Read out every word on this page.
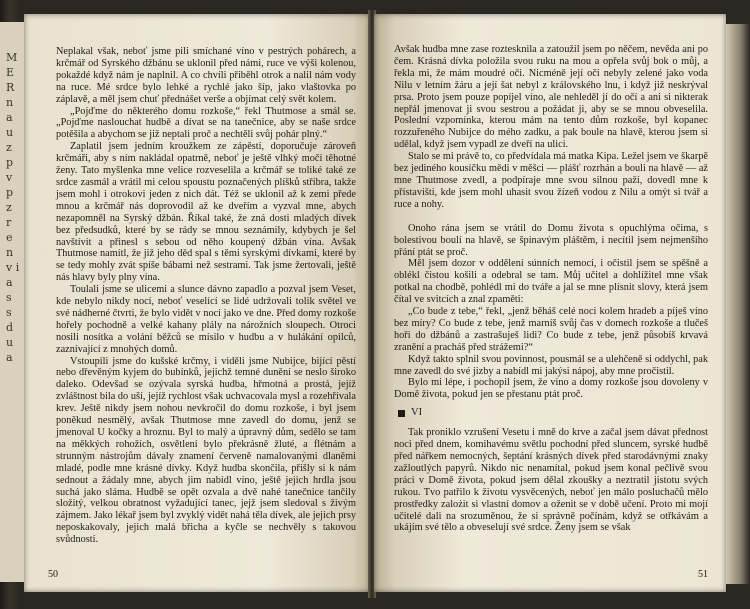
ME R n a u z p v p z r e n v i a s s d u a

Neplakal však, neboť jsme pili smíchané víno v pestrých pohárech, a krčmář od Syrského džbánu se uklonil před námi, ruce ve výši kolenou, pokaždé když nám je naplnil. A co chvíli přiběhl otrok a nalil nám vody na ruce. Mé srdce bylo lehké a rychlé jako šíp, jako vlaštovka po záplavě, a měl jsem chuť přednášet verše a objímat celý svět kolem.

„Pojďme do některého domu rozkoše,“ řekl Thutmose a smál se. „Pojďme naslouchat hudbě a dívat se na tanečnice, aby se naše srdce potěšila a abychom se již neptali proč a nechtěli svůj pohár plný.“

Zaplatil jsem jedním kroužkem ze zápěstí, doporučuje zároveň krčmáři, aby s ním nakládal opatrně, neboť je ještě vlhký močí těhotné ženy. Tato myšlenka mne velice rozveselila a krčmář se toliké také ze srdce zasmál a vrátil mi celou spoustu poznačených plíšků stříbra, takže jsem mohl i otrokovi jeden z nich dát. Též se uklonil až k zemi přede mnou a krčmář nás doprovodil až ke dveřím a vyzval mne, abych nezapomněl na Syrský džbán. Říkal také, že zná dosti mladých dívek bez předsudků, které by se rády se mnou seznámily, kdybych je šel navštívit a přinesl s sebou od něho koupený džbán vína. Avšak Thutmose namítl, že již jeho děd spal s těmi syrskými dívkami, které by se tedy mohly zvát spíše bábami než sestrami. Tak jsme žertovali, ještě nás hlavy byly plny vína.

Toulali jsme se ulicemi a slunce dávno zapadlo a pozval jsem Veset, kde nebylo nikdy nocí, neboť veselící se lidé udržovali tolik světel ve své nádherné čtvrti, že bylo vidět v noci jako ve dne. Před domy rozkoše hořely pochodně a velké kahany plály na nárožních sloupech. Otroci nosili nosítka a volání běžců se mísilo v hudbu a v hulákání opilců, zaznívající z mnohých domů.

Vstoupili jsme do kušské krčmy, i viděli jsme Nubijce, bijící pěstí nebo dřevěným kyjem do bubínků, jejichž temné dunění se neslo široko daleko. Odevšad se ozývala syrská hudba, hřmotná a prostá, jejíž zvláštnost bila do uší, jejíž rychlost však uchvacovala mysl a rozehřívala krev. Ještě nikdy jsem nohou nevkročil do domu rozkoše, i byl jsem poněkud nesmělý, avšak Thutmose mne zavedl do domu, jenž se jmenoval U kočky a hroznu. Byl to malý a úpravný dům, sedělo se tam na měkkých rohožích, osvětlení bylo překrásně žluté, a flétnám a strunným nástrojům dávaly znamení červeně namalovanými dlaněmi mladé, podle mne krásné dívky. Když hudba skončila, přišly si k nám sednout a žádaly mne, abych jim nabídl víno, ještě jejich hrdla jsou suchá jako sláma. Hudbě se opět ozvala a dvě nahé tanečnice tančily složitý, velkou obratnost vyžadující tanec, jejž jsem sledoval s živým zájmem. Jako lékař jsem byl zvyklý vidět nahá těla dívek, ale jejich prsy neposkakovaly, jejich malá břicha a kyčle se nechvěly s takovou svůdností.

50

Avšak hudba mne zase roztesknila a zatoužil jsem po něčem, nevěda ani po čem. Krásná dívka položila svou ruku na mou a opřela svůj bok o můj, a řekla mi, že mám moudré oči. Nicméně její oči nebyly zelené jako voda Nilu v letním žáru a její šat nebyl z královského lnu, i když již neskrýval prsa. Proto jsem pouze popíjel víno, ale nehleděl jí do očí a ani si nikterak nepřál jmenovat ji svou sestrou a požádat ji, aby se se mnou obveselila. Poslední vzpomínka, kterou mám na tento dům rozkoše, byl kopanec rozzuřeného Nubijce do mého zadku, a pak boule na hlavě, kterou jsem si udělal, když jsem vypadl ze dveří na ulici.

Stalo se mi právě to, co předvídala má matka Kipa. Ležel jsem ve škarpě bez jediného kousíčku mědi v měšci — plášť rozrhán a bouli na hlavě — až mne Thutmose zvedl, a podpíraje mne svou silnou paží, dovedl mne k přístavišti, kde jsem mohl uhasit svou žízeň vodou z Nilu a omýt si tvář a ruce a nohy.

Onoho rána jsem se vrátil do Domu života s opuchlýma očima, s bolestivou boulí na hlavě, se špinavým pláštěm, i necítil jsem nejmenšího přání ptát se proč.

Měl jsem dozor v oddělení súnních nemocí, i očistil jsem se spěšně a oblékl čistou košili a odebral se tam. Můj učitel a dohlížitel mne však potkal na chodbě, pohlédl mi do tváře a jal se mne plísnit slovy, která jsem čítal ve svitcích a znal zpaměti:

„Co bude z tebe,“ řekl, „jenž běháš celé noci kolem hradeb a píješ víno bez míry? Co bude z tebe, jenž marníš svůj čas v domech rozkoše a tlučeš hoři do džbánů a zastrašuješ lidi? Co bude z tebe, jenž působíš krvavá zranění a pracháš před strážemi?“

Když takto splnil svou povinnost, pousmál se a ulehčeně si oddychl, pak mne zavedl do své jizby a nabídl mi jakýsi nápoj, aby mne pročistil.

Bylo mi lépe, i pochopil jsem, že vino a domy rozkoše jsou dovoleny v Domě života, pokud jen se přestanu ptát proč.

VI

Tak proniklo vzrušení Vesetu i mně do krve a začal jsem dávat přednost noci před dnem, komihavému světlu pochodní před sluncem, syrské hudbě před nářkem nemocných, šeptání krásných dívek před starodávnými znaky zažloutlých papyrů. Nikdo nic nenamítal, pokud jsem konal pečlivě svou práci v Domě života, pokud jsem dělal zkoušky a neztratil jistotu svých rukou. Tvo patřilo k životu vysvěcených, neboť jen málo posluchačů mělo prostředky zalożit si vlastní domov a oženit se v době učení. Proto mi mojí učitelé dali na srozuměnou, že si správně počínám, když se otřkávám a ukájím své tělo a obveselují své srdce. Ženy jsem se však

51
